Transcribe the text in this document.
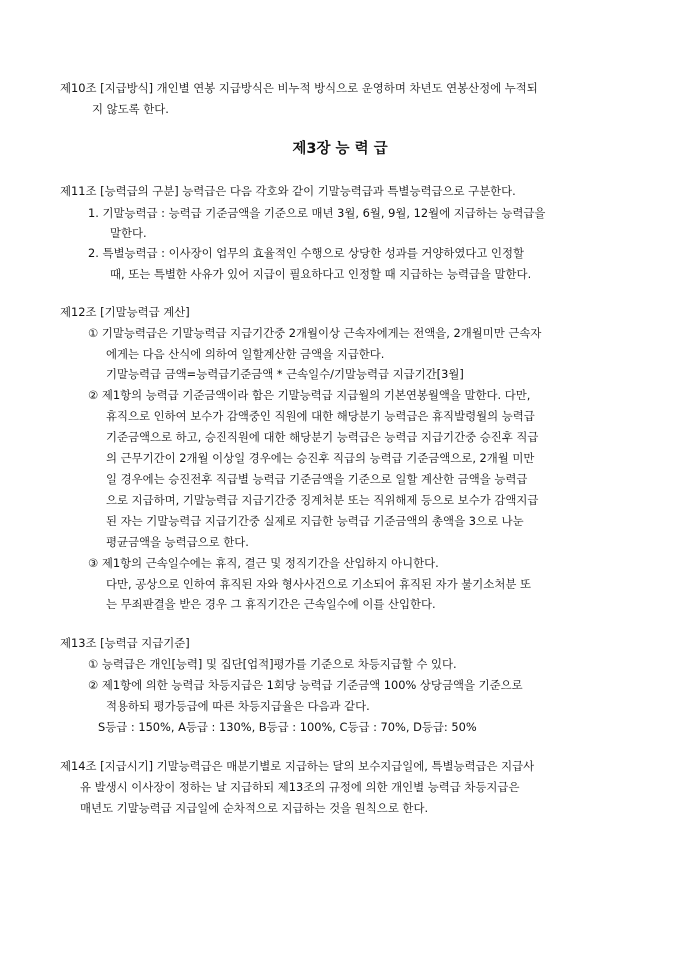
제10조 [지급방식] 개인별 연봉 지급방식은 비누적 방식으로 운영하며 차년도 연봉산정에 누적되
지 않도록 한다.
제3장 능 력 급
제11조 [능력급의 구분] 능력급은 다음 각호와 같이 기말능력급과 특별능력급으로 구분한다.
1. 기말능력급 : 능력급 기준금액을 기준으로 매년 3월, 6월, 9월, 12월에 지급하는 능력급을
말한다.
2. 특별능력급 : 이사장이 업무의 효율적인 수행으로 상당한 성과를 거양하였다고 인정할
때, 또는 특별한 사유가 있어 지급이 필요하다고 인정할 때 지급하는 능력급을 말한다.
제12조 [기말능력급 계산]
① 기말능력급은 기말능력급 지급기간중 2개월이상 근속자에게는 전액을, 2개월미만 근속자
에게는 다음 산식에 의하여 일할계산한 금액을 지급한다.
기말능력급 금액=능력급기준금액 * 근속일수/기말능력급 지급기간[3월]
② 제1항의 능력급 기준금액이라 함은 기말능력급 지급월의 기본연봉월액을 말한다. 다만,
휴직으로 인하여 보수가 감액중인 직원에 대한 해당분기 능력급은 휴직발령월의 능력급
기준금액으로 하고, 승진직원에 대한 해당분기 능력급은 능력급 지급기간중 승진후 직급
의 근무기간이 2개월 이상일 경우에는 승진후 직급의 능력급 기준금액으로, 2개월 미만
일 경우에는 승진전후 직급별 능력급 기준금액을 기준으로 일할 계산한 금액을 능력급
으로 지급하며, 기말능력급 지급기간중 징계처분 또는 직위해제 등으로 보수가 감액지급
된 자는 기말능력급 지급기간중 실제로 지급한 능력급 기준금액의 총액을 3으로 나눈
평균금액을 능력급으로 한다.
③ 제1항의 근속일수에는 휴직, 결근 및 정직기간을 산입하지 아니한다.
다만, 공상으로 인하여 휴직된 자와 형사사건으로 기소되어 휴직된 자가 불기소처분 또
는 무죄판결을 받은 경우 그 휴직기간은 근속일수에 이를 산입한다.
제13조 [능력급 지급기준]
① 능력급은 개인[능력] 및 집단[업적]평가를 기준으로 차등지급할 수 있다.
② 제1항에 의한 능력급 차등지급은 1회당 능력급 기준금액 100% 상당금액을 기준으로
적용하되 평가등급에 따른 차등지급율은 다음과 같다.
S등급 : 150%, A등급 : 130%, B등급 : 100%, C등급 : 70%, D등급: 50%
제14조 [지급시기] 기말능력급은 매분기별로 지급하는 달의 보수지급일에, 특별능력급은 지급사
유 발생시 이사장이 정하는 날 지급하되 제13조의 규정에 의한 개인별 능력급 차등지급은
매년도 기말능력급 지급일에 순차적으로 지급하는 것을 원칙으로 한다.
